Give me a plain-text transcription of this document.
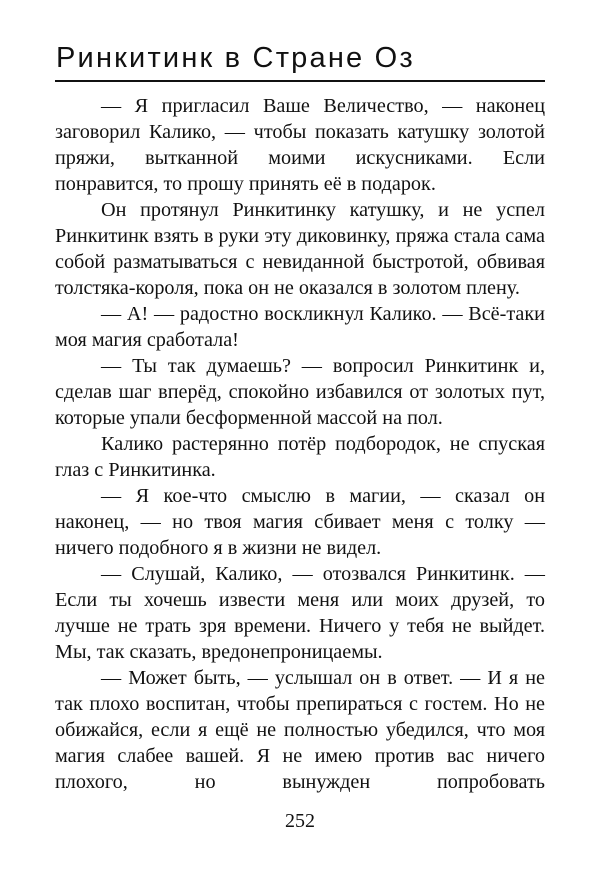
Ринкитинк в Стране Оз

— Я пригласил Ваше Величество, — наконец заговорил Калико, — чтобы показать катушку золотой пряжи, вытканной моими искусниками. Если понравится, то прошу принять её в подарок.

Он протянул Ринкитинку катушку, и не успел Ринкитинк взять в руки эту диковинку, пряжа стала сама собой разматываться с невиданной быстротой, обвивая толстяка-короля, пока он не оказался в золотом плену.

— А! — радостно воскликнул Калико. — Всё-таки моя магия сработала!

— Ты так думаешь? — вопросил Ринкитинк и, сделав шаг вперёд, спокойно избавился от золотых пут, которые упали бесформенной массой на пол.

Калико растерянно потёр подбородок, не спуская глаз с Ринкитинка.

— Я кое-что смыслю в магии, — сказал он наконец, — но твоя магия сбивает меня с толку — ничего подобного я в жизни не видел.

— Слушай, Калико, — отозвался Ринкитинк. — Если ты хочешь извести меня или моих друзей, то лучше не трать зря времени. Ничего у тебя не выйдет. Мы, так сказать, вредонепроницаемы.

— Может быть, — услышал он в ответ. — И я не так плохо воспитан, чтобы препираться с гостем. Но не обижайся, если я ещё не полностью убедился, что моя магия слабее вашей. Я не имею против вас ничего плохого, но вынужден попробовать

252
